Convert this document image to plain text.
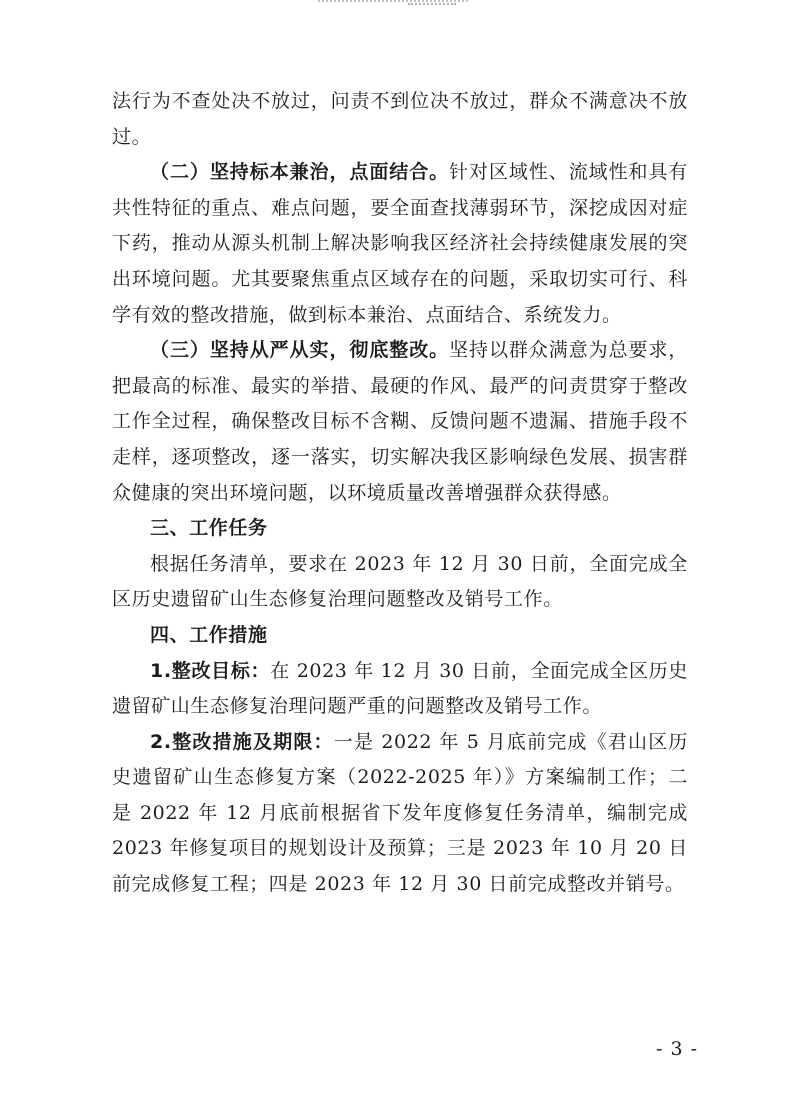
法行为不查处决不放过，问责不到位决不放过，群众不满意决不放过。

（二）坚持标本兼治，点面结合。针对区域性、流域性和具有共性特征的重点、难点问题，要全面查找薄弱环节，深挖成因对症下药，推动从源头机制上解决影响我区经济社会持续健康发展的突出环境问题。尤其要聚焦重点区域存在的问题，采取切实可行、科学有效的整改措施，做到标本兼治、点面结合、系统发力。

（三）坚持从严从实，彻底整改。坚持以群众满意为总要求，把最高的标准、最实的举措、最硬的作风、最严的问责贯穿于整改工作全过程，确保整改目标不含糊、反馈问题不遗漏、措施手段不走样，逐项整改，逐一落实，切实解决我区影响绿色发展、损害群众健康的突出环境问题，以环境质量改善增强群众获得感。

三、工作任务

根据任务清单，要求在 2023 年 12 月 30 日前，全面完成全区历史遗留矿山生态修复治理问题整改及销号工作。

四、工作措施

1.整改目标：在 2023 年 12 月 30 日前，全面完成全区历史遗留矿山生态修复治理问题严重的问题整改及销号工作。

2.整改措施及期限：一是 2022 年 5 月底前完成《君山区历史遗留矿山生态修复方案（2022-2025 年）》方案编制工作；二是 2022 年 12 月底前根据省下发年度修复任务清单，编制完成 2023 年修复项目的规划设计及预算；三是 2023 年 10 月 20 日前完成修复工程；四是 2023 年 12 月 30 日前完成整改并销号。

- 3 -
